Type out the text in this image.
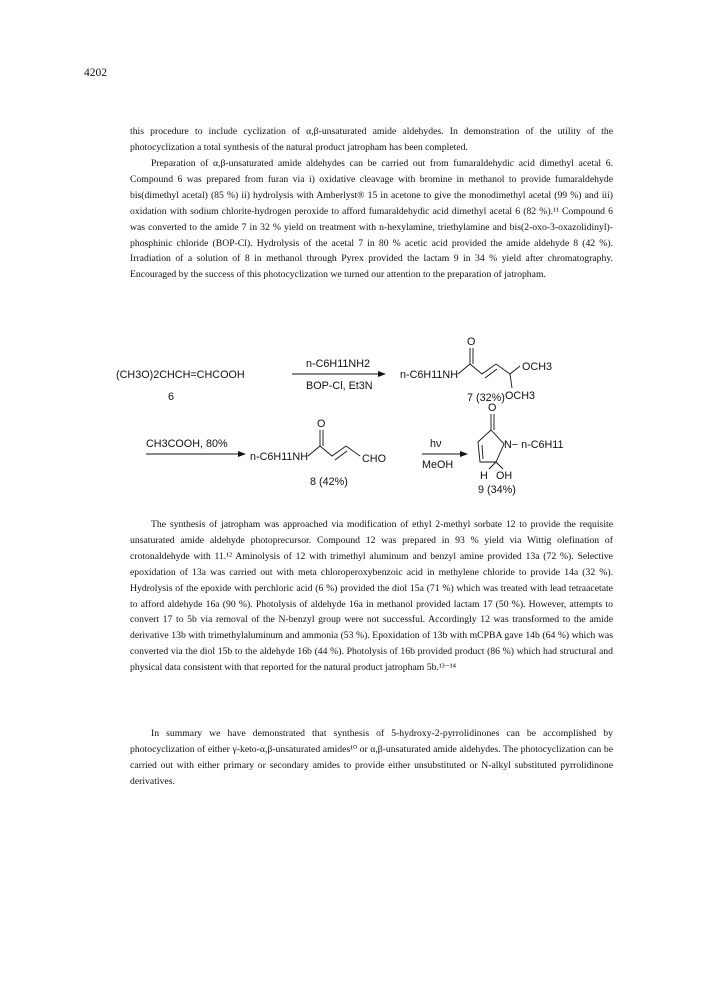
4202

this procedure to include cyclization of α,β-unsaturated amide aldehydes. In demonstration of the utility of the photocyclization a total synthesis of the natural product jatropham has been completed.

Preparation of α,β-unsaturated amide aldehydes can be carried out from fumaraldehydic acid dimethyl acetal 6. Compound 6 was prepared from furan via i) oxidative cleavage with bromine in methanol to provide fumaraldehyde bis(dimethyl acetal) (85 %) ii) hydrolysis with Amberlyst® 15 in acetone to give the monodimethyl acetal (99 %) and iii) oxidation with sodium chlorite-hydrogen peroxide to afford fumaraldehydic acid dimethyl acetal 6 (82 %).¹¹ Compound 6 was converted to the amide 7 in 32 % yield on treatment with n-hexylamine, triethylamine and bis(2-oxo-3-oxazolidinyl)-phosphinic chloride (BOP-Cl). Hydrolysis of the acetal 7 in 80 % acetic acid provided the amide aldehyde 8 (42 %). Irradiation of a solution of 8 in methanol through Pyrex provided the lactam 9 in 34 % yield after chromatography. Encouraged by the success of this photocyclization we turned our attention to the preparation of jatropham.

(CH3O)2CHCH=CHCOOH
6
n-C6H11NH2
BOP-Cl, Et3N
n-C6H11NH
O
OCH3
OCH3
7 (32%)
CH3COOH, 80%
n-C6H11NH
O
CHO
8 (42%)
hν
MeOH
O
N− n-C6H11
H OH
9 (34%)

The synthesis of jatropham was approached via modification of ethyl 2-methyl sorbate 12 to provide the requisite unsaturated amide aldehyde photoprecursor. Compound 12 was prepared in 93 % yield via Wittig olefination of crotonaldehyde with 11.¹² Aminolysis of 12 with trimethyl aluminum and benzyl amine provided 13a (72 %). Selective epoxidation of 13a was carried out with meta chloroperoxybenzoic acid in methylene chloride to provide 14a (32 %). Hydrolysis of the epoxide with perchloric acid (6 %) provided the diol 15a (71 %) which was treated with lead tetraacetate to afford aldehyde 16a (90 %). Photolysis of aldehyde 16a in methanol provided lactam 17 (50 %). However, attempts to convert 17 to 5b via removal of the N-benzyl group were not successful. Accordingly 12 was transformed to the amide derivative 13b with trimethylaluminum and ammonia (53 %). Epoxidation of 13b with mCPBA gave 14b (64 %) which was converted via the diol 15b to the aldehyde 16b (44 %). Photolysis of 16b provided product (86 %) which had structural and physical data consistent with that reported for the natural product jatropham 5b.¹³⁻¹⁴

In summary we have demonstrated that synthesis of 5-hydroxy-2-pyrrolidinones can be accomplished by photocyclization of either γ-keto-α,β-unsaturated amides¹⁰ or α,β-unsaturated amide aldehydes. The photocyclization can be carried out with either primary or secondary amides to provide either unsubstituted or N-alkyl substituted pyrrolidinone derivatives.
